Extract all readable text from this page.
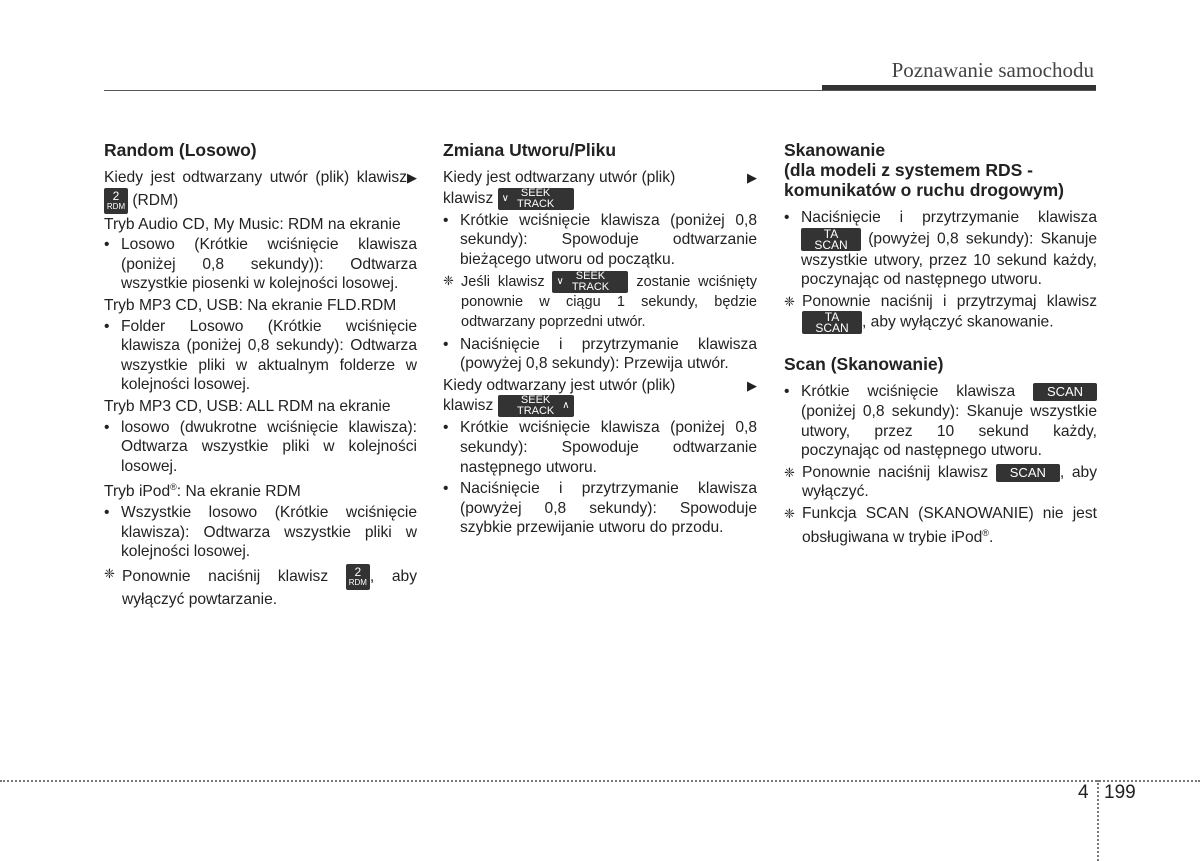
Poznawanie samochodu
Random (Losowo)

▶
Kiedy jest odtwarzany utwór (plik) klawisz
2
RDM (RDM)

Tryb Audio CD, My Music: RDM na ekranie

• Losowo (Krótkie wciśnięcie klawisza (poniżej 0,8 sekundy)): Odtwarza wszystkie piosenki w kolejności losowej.

Tryb MP3 CD, USB: Na ekranie FLD.RDM

• Folder Losowo (Krótkie wciśnięcie klawisza (poniżej 0,8 sekundy): Odtwarza wszystkie pliki w aktualnym folderze w kolejności losowej.

Tryb MP3 CD, USB: ALL RDM na ekranie

• losowo (dwukrotne wciśnięcie klawisza): Odtwarza wszystkie pliki w kolejności losowej.

Tryb iPod®: Na ekranie RDM

• Wszystkie losowo (Krótkie wciśnięcie klawisza): Odtwarza wszystkie pliki w kolejności losowej.
❈ Ponownie naciśnij klawisz	2
RDM , aby wyłączyć powtarzanie.
Zmiana Utworu/Pliku

▶
Kiedy jest odtwarzany utwór (plik)
klawisz ∨ SEEK
TRACK

• Krótkie wciśnięcie klawisza (poniżej 0,8 sekundy): Spowoduje odtwarzanie bieżącego utworu od początku.
❈ Jeśli klawisz ∨ SEEK
TRACK zostanie wciśnięty ponownie w ciągu 1 sekundy, będzie odtwarzany poprzedni utwór.
• Naciśnięcie i przytrzymanie klawisza (powyżej 0,8 sekundy): Przewija utwór.

▶
Kiedy odtwarzany jest utwór (plik)
klawisz	∧
SEEK
TRACK

• Krótkie wciśnięcie klawisza (poniżej 0,8 sekundy): Spowoduje odtwarzanie następnego utworu.
• Naciśnięcie i przytrzymanie klawisza (powyżej 0,8 sekundy): Spowoduje szybkie przewijanie utworu do przodu.
Skanowanie
(dla modeli z systemem RDS -
komunikatów o ruchu drogowym)
• Naciśnięcie i przytrzymanie klawisza TA
SCAN (powyżej 0,8 sekundy): Skanuje wszystkie utwory, przez 10 sekund każdy, poczynając od następnego utworu.
❈ Ponownie naciśnij i przytrzymaj klawisz TA
SCAN , aby wyłączyć skanowanie.
Scan (Skanowanie)
• Krótkie wciśnięcie klawisza SCAN (poniżej 0,8 sekundy): Skanuje wszystkie utwory, przez 10 sekund każdy, poczynając od następnego utworu.
❈ Ponownie naciśnij klawisz SCAN , aby wyłączyć.
❈ Funkcja SCAN (SKANOWANIE) nie jest obsługiwana w trybie iPod®.
4 199
